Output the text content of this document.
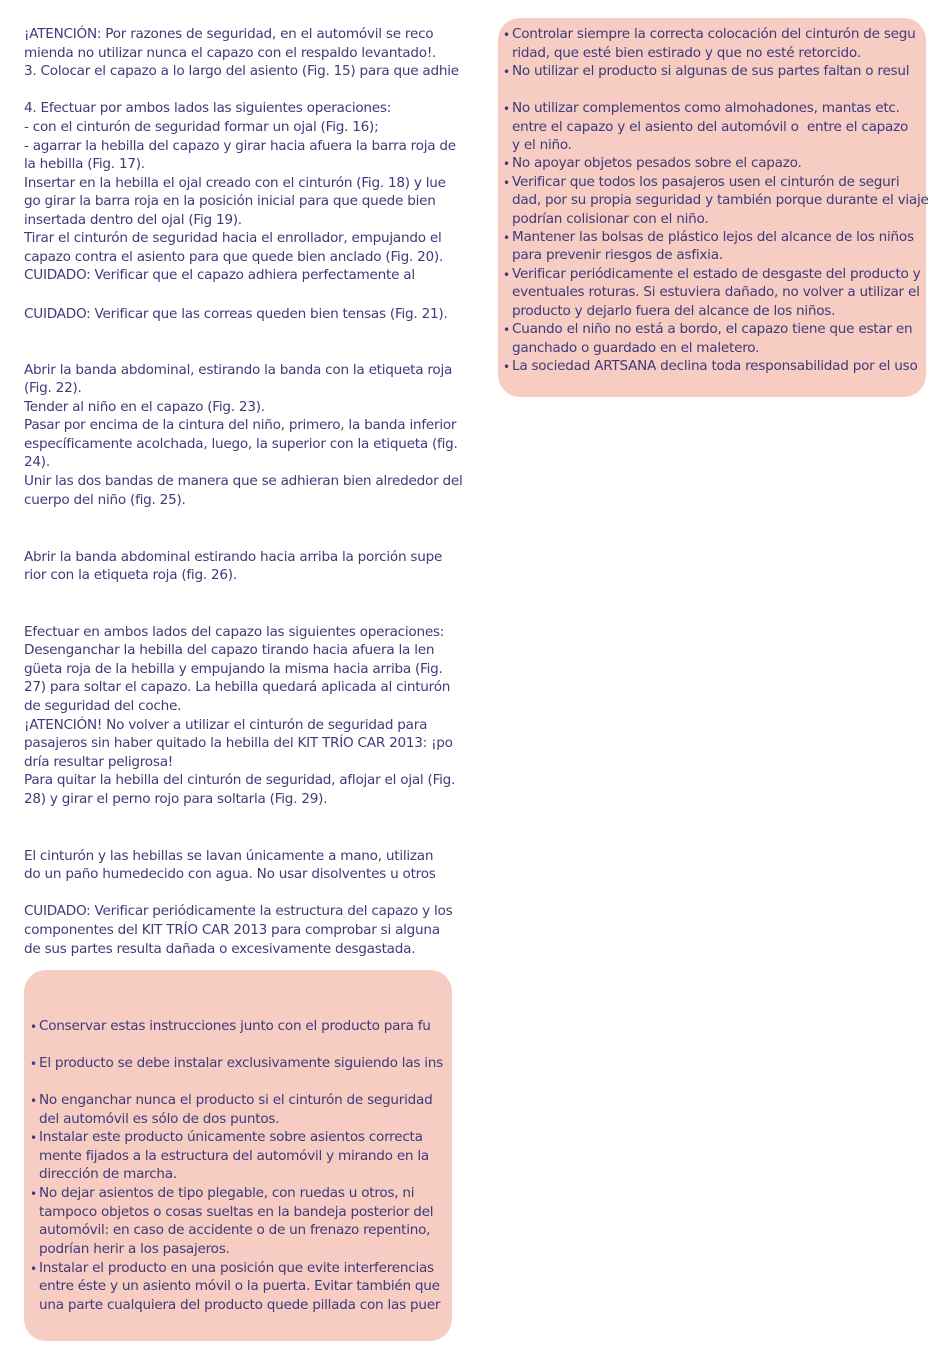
¡ATENCIÓN: Por razones de seguridad, en el automóvil se reco
mienda no utilizar nunca el capazo con el respaldo levantado!.
3. Colocar el capazo a lo largo del asiento (Fig. 15) para que adhie
4. Efectuar por ambos lados las siguientes operaciones:
- con el cinturón de seguridad formar un ojal (Fig. 16);
- agarrar la hebilla del capazo y girar hacia afuera la barra roja de
la hebilla (Fig. 17).
Insertar en la hebilla el ojal creado con el cinturón (Fig. 18) y lue
go girar la barra roja en la posición inicial para que quede bien
insertada dentro del ojal (Fig 19).
Tirar el cinturón de seguridad hacia el enrollador, empujando el
capazo contra el asiento para que quede bien anclado (Fig. 20).
CUIDADO: Verificar que el capazo adhiera perfectamente al
CUIDADO: Verificar que las correas queden bien tensas (Fig. 21).
Abrir la banda abdominal, estirando la banda con la etiqueta roja
(Fig. 22).
Tender al niño en el capazo (Fig. 23).
Pasar por encima de la cintura del niño, primero, la banda inferior
específicamente acolchada, luego, la superior con la etiqueta (fig.
24).
Unir las dos bandas de manera que se adhieran bien alrededor del
cuerpo del niño (fig. 25).
Abrir la banda abdominal estirando hacia arriba la porción supe
rior con la etiqueta roja (fig. 26).
Efectuar en ambos lados del capazo las siguientes operaciones:
Desenganchar la hebilla del capazo tirando hacia afuera la len
güeta roja de la hebilla y empujando la misma hacia arriba (Fig.
27) para soltar el capazo. La hebilla quedará aplicada al cinturón
de seguridad del coche.
¡ATENCIÓN! No volver a utilizar el cinturón de seguridad para
pasajeros sin haber quitado la hebilla del KIT TRÍO CAR 2013: ¡po
dría resultar peligrosa!
Para quitar la hebilla del cinturón de seguridad, aflojar el ojal (Fig.
28) y girar el perno rojo para soltarla (Fig. 29).
El cinturón y las hebillas se lavan únicamente a mano, utilizan
do un paño humedecido con agua. No usar disolventes u otros
CUIDADO: Verificar periódicamente la estructura del capazo y los
componentes del KIT TRÍO CAR 2013 para comprobar si alguna
de sus partes resulta dañada o excesivamente desgastada.
• Conservar estas instrucciones junto con el producto para fu
• El producto se debe instalar exclusivamente siguiendo las ins
• No enganchar nunca el producto si el cinturón de seguridad
del automóvil es sólo de dos puntos.
• Instalar este producto únicamente sobre asientos correcta
mente fijados a la estructura del automóvil y mirando en la
dirección de marcha.
• No dejar asientos de tipo plegable, con ruedas u otros, ni
tampoco objetos o cosas sueltas en la bandeja posterior del
automóvil: en caso de accidente o de un frenazo repentino,
podrían herir a los pasajeros.
• Instalar el producto en una posición que evite interferencias
entre éste y un asiento móvil o la puerta. Evitar también que
una parte cualquiera del producto quede pillada con las puer
• Controlar siempre la correcta colocación del cinturón de segu
ridad, que esté bien estirado y que no esté retorcido.
• No utilizar el producto si algunas de sus partes faltan o resul
• No utilizar complementos como almohadones, mantas etc.
entre el capazo y el asiento del automóvil o  entre el capazo
y el niño.
• No apoyar objetos pesados sobre el capazo.
• Verificar que todos los pasajeros usen el cinturón de seguri
dad, por su propia seguridad y también porque durante el viaje
podrían colisionar con el niño.
• Mantener las bolsas de plástico lejos del alcance de los niños
para prevenir riesgos de asfixia.
• Verificar periódicamente el estado de desgaste del producto y
eventuales roturas. Si estuviera dañado, no volver a utilizar el
producto y dejarlo fuera del alcance de los niños.
• Cuando el niño no está a bordo, el capazo tiene que estar en
ganchado o guardado en el maletero.
• La sociedad ARTSANA declina toda responsabilidad por el uso
